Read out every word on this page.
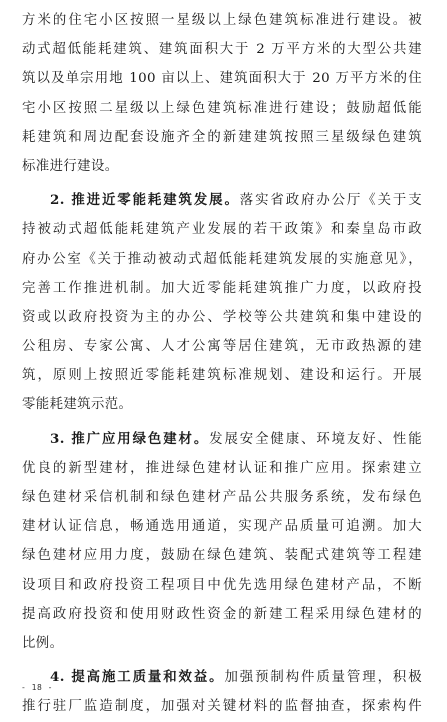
方米的住宅小区按照一星级以上绿色建筑标准进行建设。被
动式超低能耗建筑、建筑面积大于 2 万平方米的大型公共建
筑以及单宗用地 100 亩以上、建筑面积大于 20 万平方米的住
宅小区按照二星级以上绿色建筑标准进行建设；鼓励超低能
耗建筑和周边配套设施齐全的新建建筑按照三星级绿色建筑
标准进行建设。
2. 推进近零能耗建筑发展。落实省政府办公厅《关于支
持被动式超低能耗建筑产业发展的若干政策》和秦皇岛市政
府办公室《关于推动被动式超低能耗建筑发展的实施意见》，
完善工作推进机制。加大近零能耗建筑推广力度，以政府投
资或以政府投资为主的办公、学校等公共建筑和集中建设的
公租房、专家公寓、人才公寓等居住建筑，无市政热源的建
筑，原则上按照近零能耗建筑标准规划、建设和运行。开展
零能耗建筑示范。
3. 推广应用绿色建材。发展安全健康、环境友好、性能
优良的新型建材，推进绿色建材认证和推广应用。探索建立
绿色建材采信机制和绿色建材产品公共服务系统，发布绿色
建材认证信息，畅通选用通道，实现产品质量可追溯。加大
绿色建材应用力度，鼓励在绿色建筑、装配式建筑等工程建
设项目和政府投资工程项目中优先选用绿色建材产品，不断
提高政府投资和使用财政性资金的新建工程采用绿色建材的
比例。
4. 提高施工质量和效益。加强预制构件质量管理，积极
推行驻厂监造制度，加强对关键材料的监督抽查，探索构件
- 18 -
